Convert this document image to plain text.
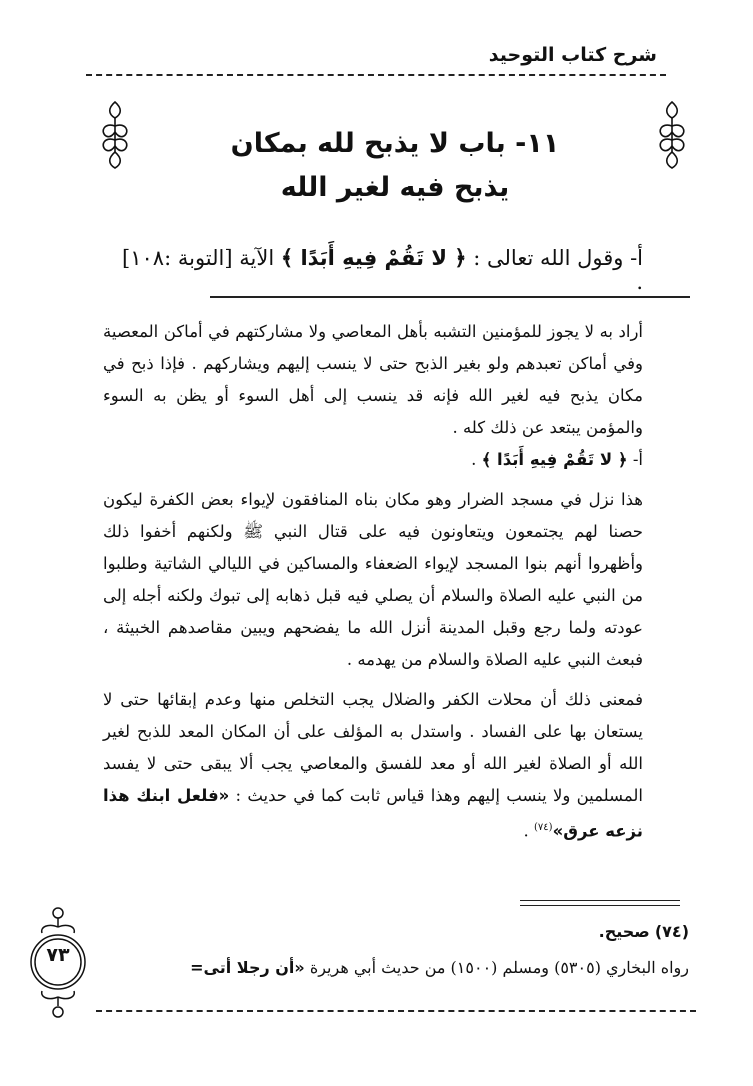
شرح كتاب التوحيد
١١- باب لا يذبح لله بمكان
يذبح فيه لغير الله
أ- وقول الله تعالى : ﴿ لا تَقُمْ فِيهِ أَبَدًا ﴾ الآية [التوبة :١٠٨] .

أراد به لا يجوز للمؤمنين التشبه بأهل المعاصي ولا مشاركتهم في أماكن المعصية وفي أماكن تعبدهم ولو بغير الذبح حتى لا ينسب إليهم ويشاركهم . فإذا ذبح في مكان يذبح فيه لغير الله فإنه قد ينسب إلى أهل السوء أو يظن به السوء والمؤمن يبتعد عن ذلك كله .

أ- ﴿ لا تَقُمْ فِيهِ أَبَدًا ﴾ .

هذا نزل في مسجد الضرار وهو مكان بناه المنافقون لإيواء بعض الكفرة ليكون حصنا لهم يجتمعون ويتعاونون فيه على قتال النبي ﷺ ولكنهم أخفوا ذلك وأظهروا أنهم بنوا المسجد لإيواء الضعفاء والمساكين في الليالي الشاتية وطلبوا من النبي عليه الصلاة والسلام أن يصلي فيه قبل ذهابه إلى تبوك ولكنه أجله إلى عودته ولما رجع وقبل المدينة أنزل الله ما يفضحهم ويبين مقاصدهم الخبيثة ، فبعث النبي عليه الصلاة والسلام من يهدمه .

فمعنى ذلك أن محلات الكفر والضلال يجب التخلص منها وعدم إبقائها حتى لا يستعان بها على الفساد . واستدل به المؤلف على أن المكان المعد للذبح لغير الله أو الصلاة لغير الله أو معد للفسق والمعاصي يجب ألا يبقى حتى لا يفسد المسلمين ولا ينسب إليهم وهذا قياس ثابت كما في حديث : «فلعل ابنك هذا نزعه عرق»$^{(٧٤)}$ .

(٧٤) صحيح.
رواه البخاري (٥٣٠٥) ومسلم (١٥٠٠) من حديث أبي هريرة «أن رجلا أتى=
٧٣
